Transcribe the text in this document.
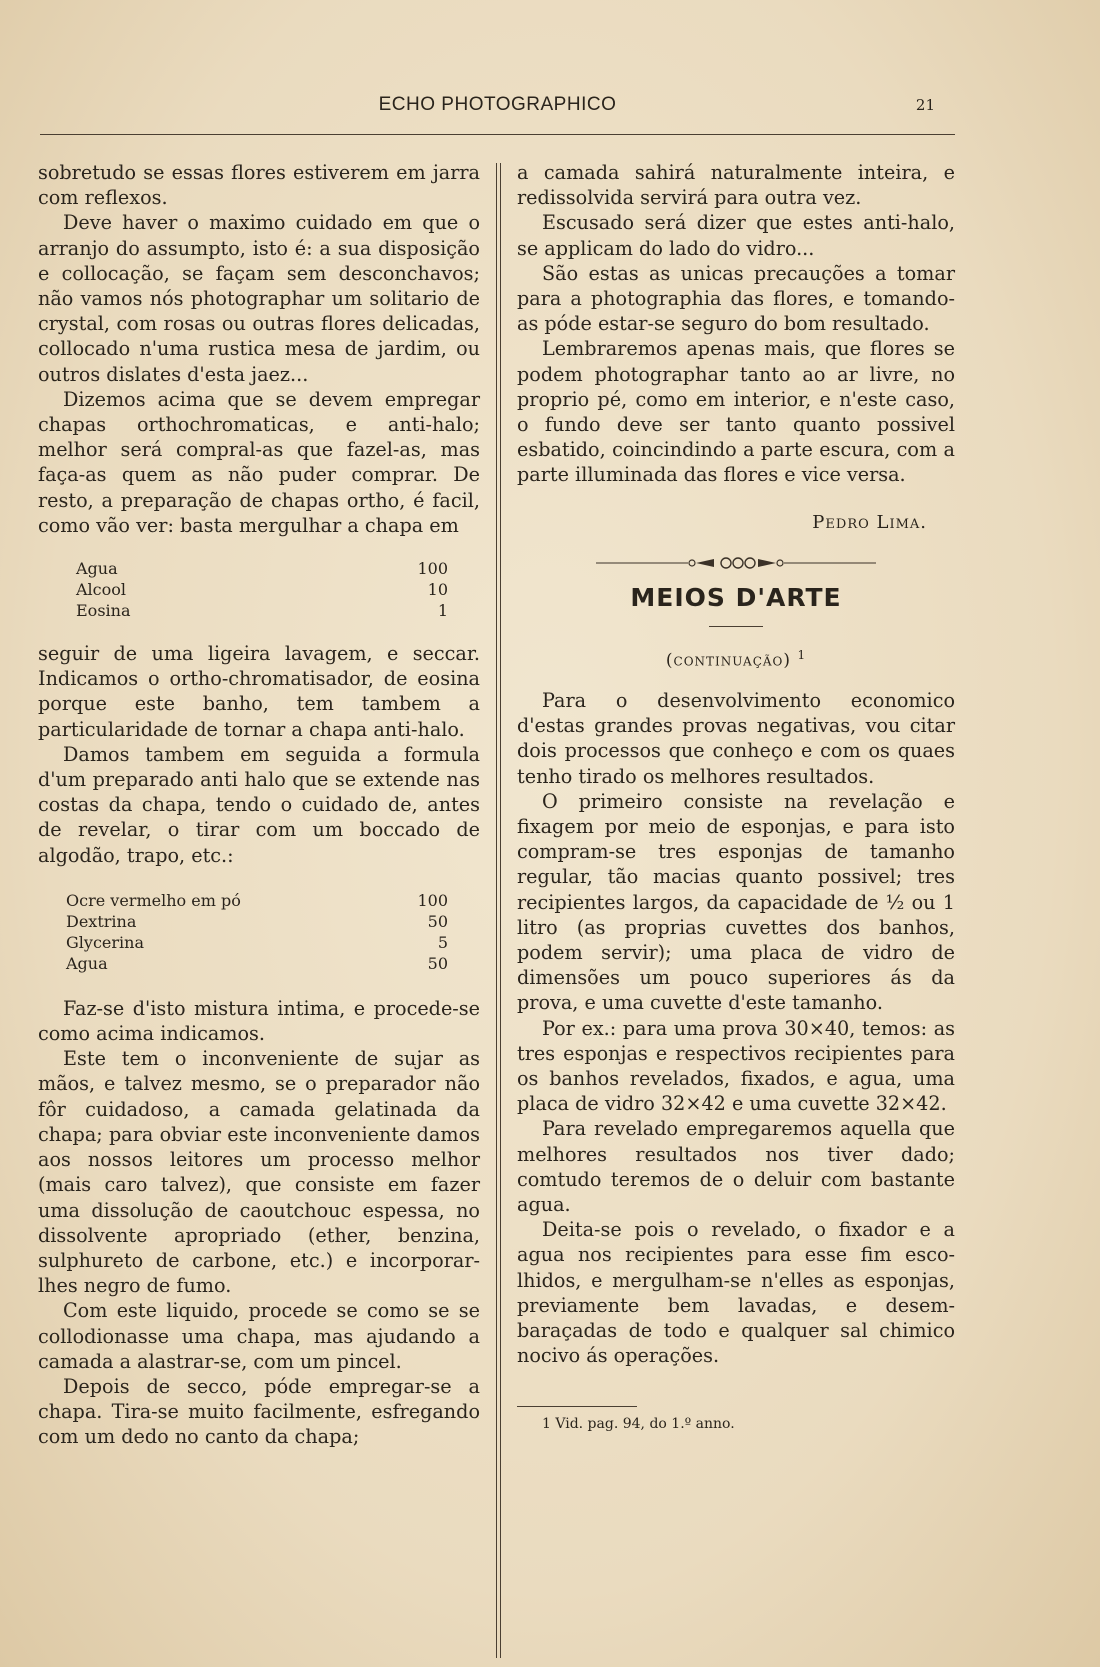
ECHO PHOTOGRAPHICO	21

sobretudo se essas flores estiverem em jarra com reflexos.

Deve haver o maximo cuidado em que o arranjo do assumpto, isto é: a sua disposição e collocação, se façam sem desconchavos; não vamos nós photographar um solitario de crystal, com rosas ou outras flores delicadas, collocado n'uma rustica mesa de jardim, ou outros dislates d'esta jaez...

Dizemos acima que se devem empregar chapas orthochromaticas, e anti-halo; melhor será compral-as que fazel-as, mas faça-as quem as não puder comprar. De resto, a preparação de chapas ortho, é facil, como vão ver: basta mergulhar a chapa em

Agua	100
Alcool	10
Eosina	1

seguir de uma ligeira lavagem, e seccar. Indicamos o ortho-chromatisador, de eosina porque este banho, tem tambem a particularidade de tornar a chapa anti-halo.

Damos tambem em seguida a formula d'um preparado anti halo que se extende nas costas da chapa, tendo o cuidado de, antes de revelar, o tirar com um boccado de algodão, trapo, etc.:

Ocre vermelho em pó	100
Dextrina	50
Glycerina	5
Agua	50

Faz-se d'isto mistura intima, e procede-se como acima indicamos.

Este tem o inconveniente de sujar as mãos, e talvez mesmo, se o preparador não fôr cuidadoso, a camada gelatinada da chapa; para obviar este inconveniente damos aos nossos leitores um processo melhor (mais caro talvez), que consiste em fazer uma dissolução de caoutchouc espessa, no dissolvente apropriado (ether, benzina, sulphureto de carbone, etc.) e incorporar-lhes negro de fumo.

Com este liquido, procede se como se se collodionasse uma chapa, mas ajudando a camada a alastrar-se, com um pincel.

Depois de secco, póde empregar-se a chapa. Tira-se muito facilmente, esfregando com um dedo no canto da chapa;

a camada sahirá naturalmente inteira, e redissolvida servirá para outra vez.

Escusado será dizer que estes anti-halo, se applicam do lado do vidro...

São estas as unicas precauções a tomar para a photographia das flores, e tomando-as póde estar-se seguro do bom resultado.

Lembraremos apenas mais, que flores se podem photographar tanto ao ar livre, no proprio pé, como em interior, e n'este caso, o fundo deve ser tanto quanto possivel esbatido, coincindindo a parte escura, com a parte illuminada das flores e vice versa.

Pedro Lima.
MEIOS D'ARTE
(continuação) $^1$

Para o desenvolvimento economico d'estas grandes provas negativas, vou citar dois processos que conheço e com os quaes tenho tirado os melhores resultados.

O primeiro consiste na revelação e fixagem por meio de esponjas, e para isto compram-se tres esponjas de tamanho regular, tão macias quanto possivel; tres recipientes largos, da capacidade de ½ ou 1 litro (as proprias cuvettes dos banhos, podem servir); uma placa de vidro de dimensões um pouco superiores ás da prova, e uma cuvette d'este tamanho.

Por ex.: para uma prova 30×40, temos: as tres esponjas e respectivos recipientes para os banhos revelados, fixados, e agua, uma placa de vidro 32×42 e uma cuvette 32×42.

Para revelado empregaremos aquella que melhores resultados nos tiver dado; comtudo teremos de o deluir com bastante agua.

Deita-se pois o revelado, o fixador e a agua nos recipientes para esse fim escolhidos, e mergulham-se n'elles as esponjas, previamente bem lavadas, e desembaraçadas de todo e qualquer sal chimico nocivo ás operações.

1 Vid. pag. 94, do 1.º anno.
